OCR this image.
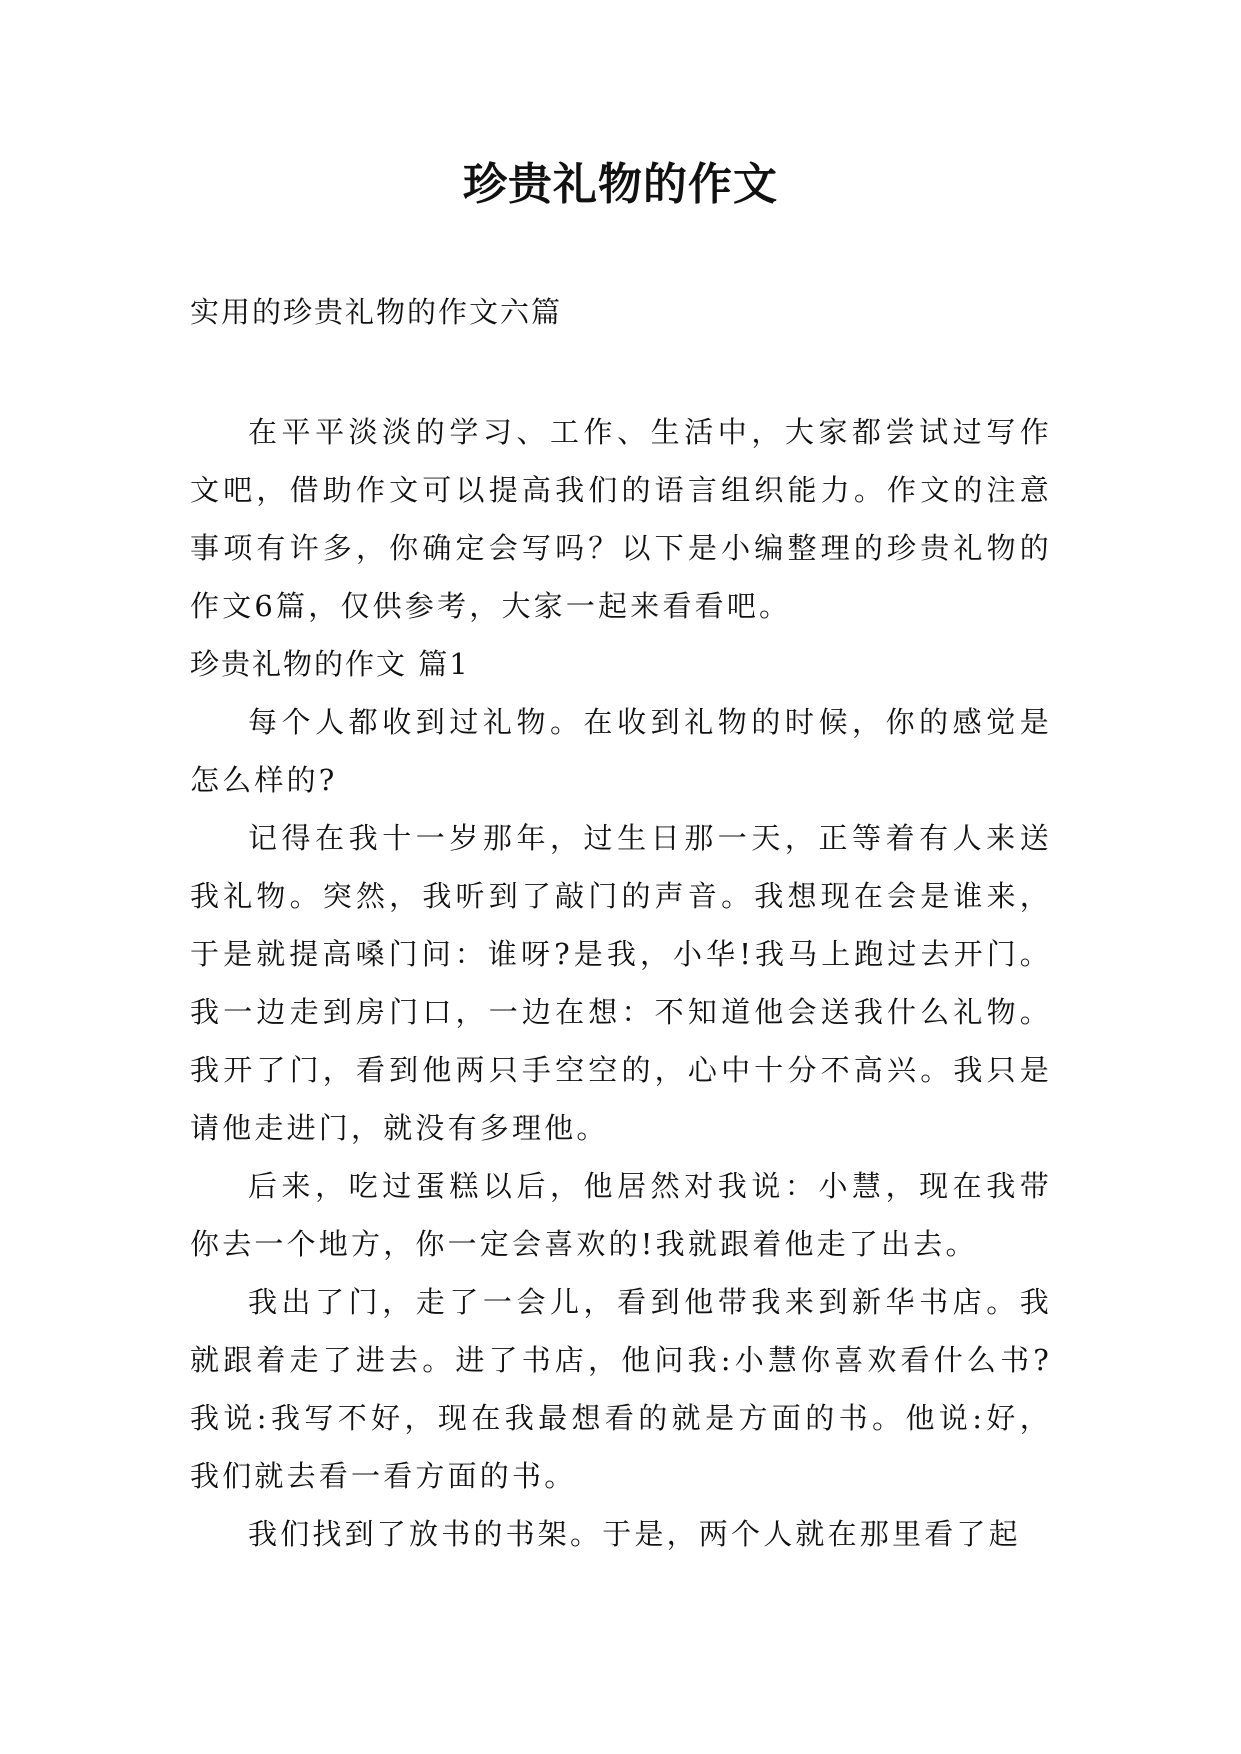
珍贵礼物的作文

实用的珍贵礼物的作文六篇

在平平淡淡的学习、工作、生活中，大家都尝试过写作文吧，借助作文可以提高我们的语言组织能力。作文的注意事项有许多，你确定会写吗？以下是小编整理的珍贵礼物的作文6篇，仅供参考，大家一起来看看吧。

珍贵礼物的作文 篇1

每个人都收到过礼物。在收到礼物的时候，你的感觉是怎么样的?

记得在我十一岁那年，过生日那一天，正等着有人来送我礼物。突然，我听到了敲门的声音。我想现在会是谁来，于是就提高嗓门问：谁呀?是我，小华!我马上跑过去开门。我一边走到房门口，一边在想：不知道他会送我什么礼物。我开了门，看到他两只手空空的，心中十分不高兴。我只是请他走进门，就没有多理他。

后来，吃过蛋糕以后，他居然对我说：小慧，现在我带你去一个地方，你一定会喜欢的!我就跟着他走了出去。

我出了门，走了一会儿，看到他带我来到新华书店。我就跟着走了进去。进了书店，他问我:小慧你喜欢看什么书?我说:我写不好，现在我最想看的就是方面的书。他说:好，我们就去看一看方面的书。

我们找到了放书的书架。于是，两个人就在那里看了起
